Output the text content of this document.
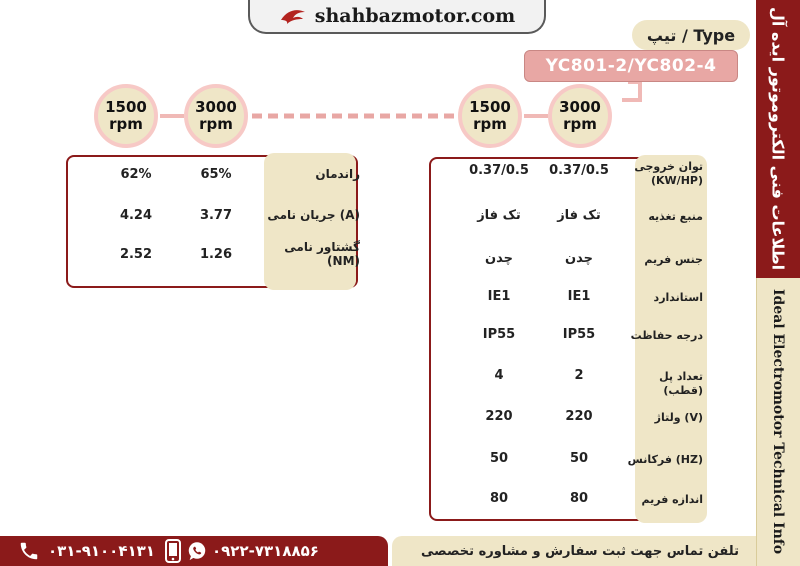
shahbazmotor.com	اطلاعات فنی الکتروموتور ایده آل
Ideal Electromotor Technical Info
تیپ / Type
YC801-2/YC802-4
1500
rpm
3000
rpm
1500
rpm
3000
rpm
62%	65%	راندمان
4.24	3.77	جریان نامی (A)
2.52	1.26	گشتاور نامی (NM)
0.37/0.5 0.37/0.5	توان خروجی (KW/HP)
تک فاز	تک فاز	منبع تغذیه
چدن	چدن	جنس فریم
IE1	IE1	استاندارد
IP55	IP55	درجه حفاظت
4	2	تعداد پل (قطب)
220	220	ولتاژ (V)
50	50	فرکانس (HZ)
80	80	اندازه فریم
۰۳۱-۹۱۰۰۴۱۳۱	۰۹۲۲-۷۳۱۸۸۵۶	تلفن تماس جهت ثبت سفارش و مشاوره تخصصی
